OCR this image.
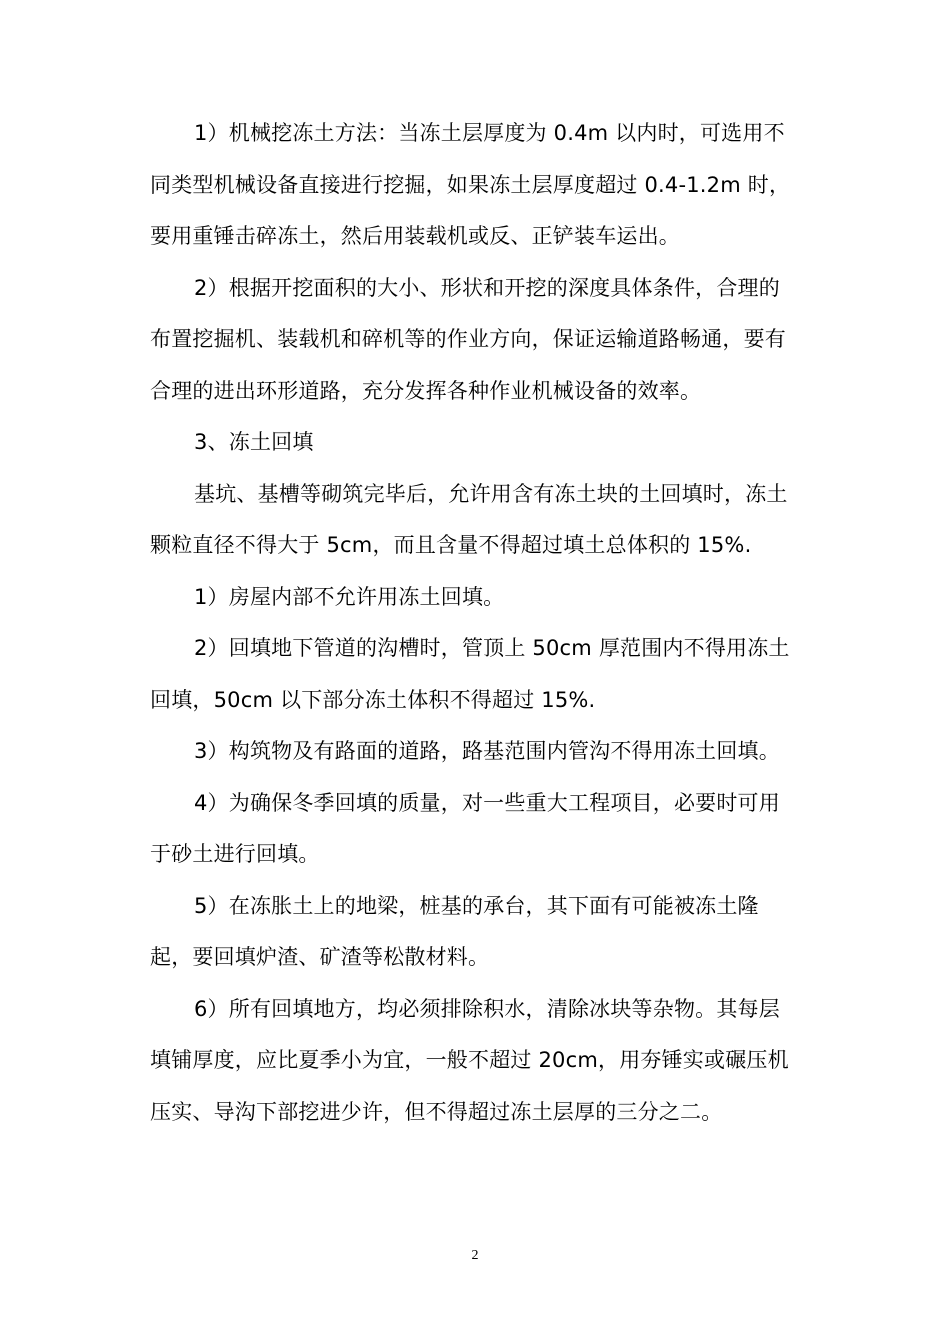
1）机械挖冻土方法：当冻土层厚度为 0.4m 以内时，可选用不同类型机械设备直接进行挖掘，如果冻土层厚度超过 0.4-1.2m 时，要用重锤击碎冻土，然后用装载机或反、正铲装车运出。

2）根据开挖面积的大小、形状和开挖的深度具体条件，合理的布置挖掘机、装载机和碎机等的作业方向，保证运输道路畅通，要有合理的进出环形道路，充分发挥各种作业机械设备的效率。

3、冻土回填

基坑、基槽等砌筑完毕后，允许用含有冻土块的土回填时，冻土颗粒直径不得大于 5cm，而且含量不得超过填土总体积的 15%.

1）房屋内部不允许用冻土回填。

2）回填地下管道的沟槽时，管顶上 50cm 厚范围内不得用冻土回填，50cm 以下部分冻土体积不得超过 15%.

3）构筑物及有路面的道路，路基范围内管沟不得用冻土回填。

4）为确保冬季回填的质量，对一些重大工程项目，必要时可用于砂土进行回填。

5）在冻胀土上的地梁，桩基的承台，其下面有可能被冻土隆起，要回填炉渣、矿渣等松散材料。

6）所有回填地方，均必须排除积水，清除冰块等杂物。其每层填铺厚度，应比夏季小为宜，一般不超过 20cm，用夯锤实或碾压机压实、导沟下部挖进少许，但不得超过冻土层厚的三分之二。

2
